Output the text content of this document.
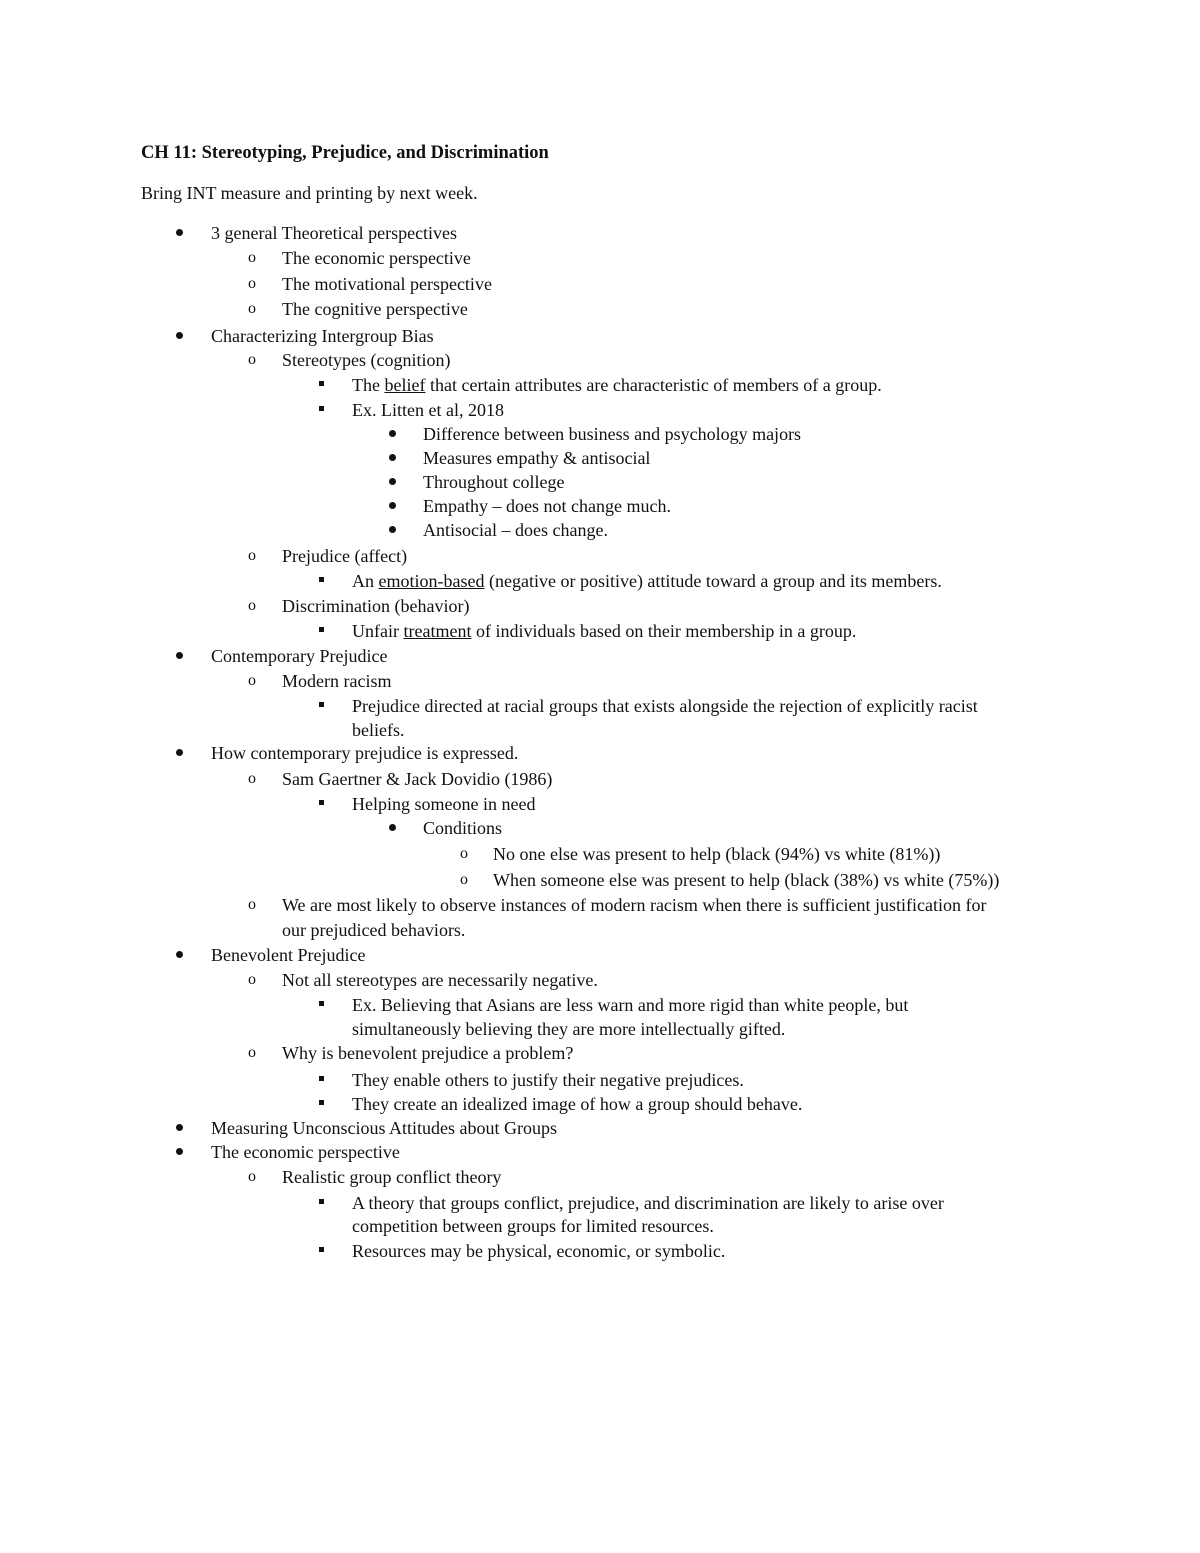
CH 11: Stereotyping, Prejudice, and Discrimination
Bring INT measure and printing by next week.
3 general Theoretical perspectives
o The economic perspective
o The motivational perspective
o The cognitive perspective
Characterizing Intergroup Bias
o Stereotypes (cognition)
The belief that certain attributes are characteristic of members of a group.
Ex. Litten et al, 2018
Difference between business and psychology majors
Measures empathy & antisocial
Throughout college
Empathy – does not change much.
Antisocial – does change.
o Prejudice (affect)
An emotion-based (negative or positive) attitude toward a group and its members.
o Discrimination (behavior)
Unfair treatment of individuals based on their membership in a group.
Contemporary Prejudice
o Modern racism
Prejudice directed at racial groups that exists alongside the rejection of explicitly racist
beliefs.
How contemporary prejudice is expressed.
o Sam Gaertner & Jack Dovidio (1986)
Helping someone in need
Conditions
o No one else was present to help (black (94%) vs white (81%))
o When someone else was present to help (black (38%) vs white (75%))
o We are most likely to observe instances of modern racism when there is sufficient justification for
our prejudiced behaviors.
Benevolent Prejudice
o Not all stereotypes are necessarily negative.
Ex. Believing that Asians are less warn and more rigid than white people, but
simultaneously believing they are more intellectually gifted.
o Why is benevolent prejudice a problem?
They enable others to justify their negative prejudices.
They create an idealized image of how a group should behave.
Measuring Unconscious Attitudes about Groups
The economic perspective
o Realistic group conflict theory
A theory that groups conflict, prejudice, and discrimination are likely to arise over
competition between groups for limited resources.
Resources may be physical, economic, or symbolic.
